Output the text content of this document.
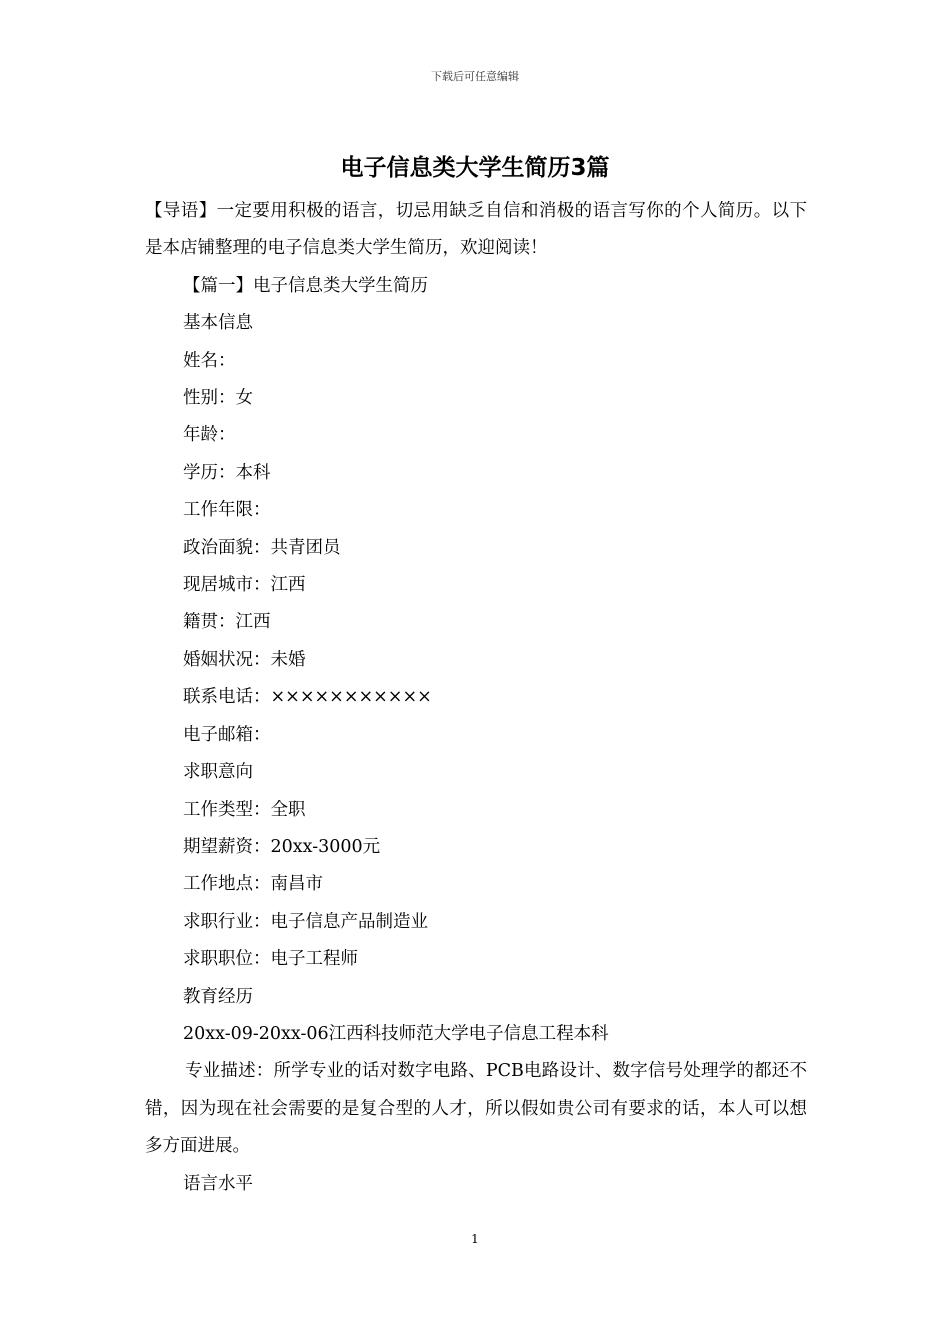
下载后可任意编辑
电子信息类大学生简历3篇

【导语】一定要用积极的语言，切忌用缺乏自信和消极的语言写你的个人简历。以下是本店铺整理的电子信息类大学生简历，欢迎阅读！

【篇一】电子信息类大学生简历

基本信息

姓名：

性别：女

年龄：

学历：本科

工作年限：

政治面貌：共青团员

现居城市：江西

籍贯：江西

婚姻状况：未婚

联系电话：×××××××××××

电子邮箱：

求职意向

工作类型：全职

期望薪资：20xx-3000元

工作地点：南昌市

求职行业：电子信息产品制造业

求职职位：电子工程师

教育经历

20xx-09-20xx-06江西科技师范大学电子信息工程本科

专业描述：所学专业的话对数字电路、PCB电路设计、数字信号处理学的都还不错，因为现在社会需要的是复合型的人才，所以假如贵公司有要求的话，本人可以想多方面进展。

语言水平

1
